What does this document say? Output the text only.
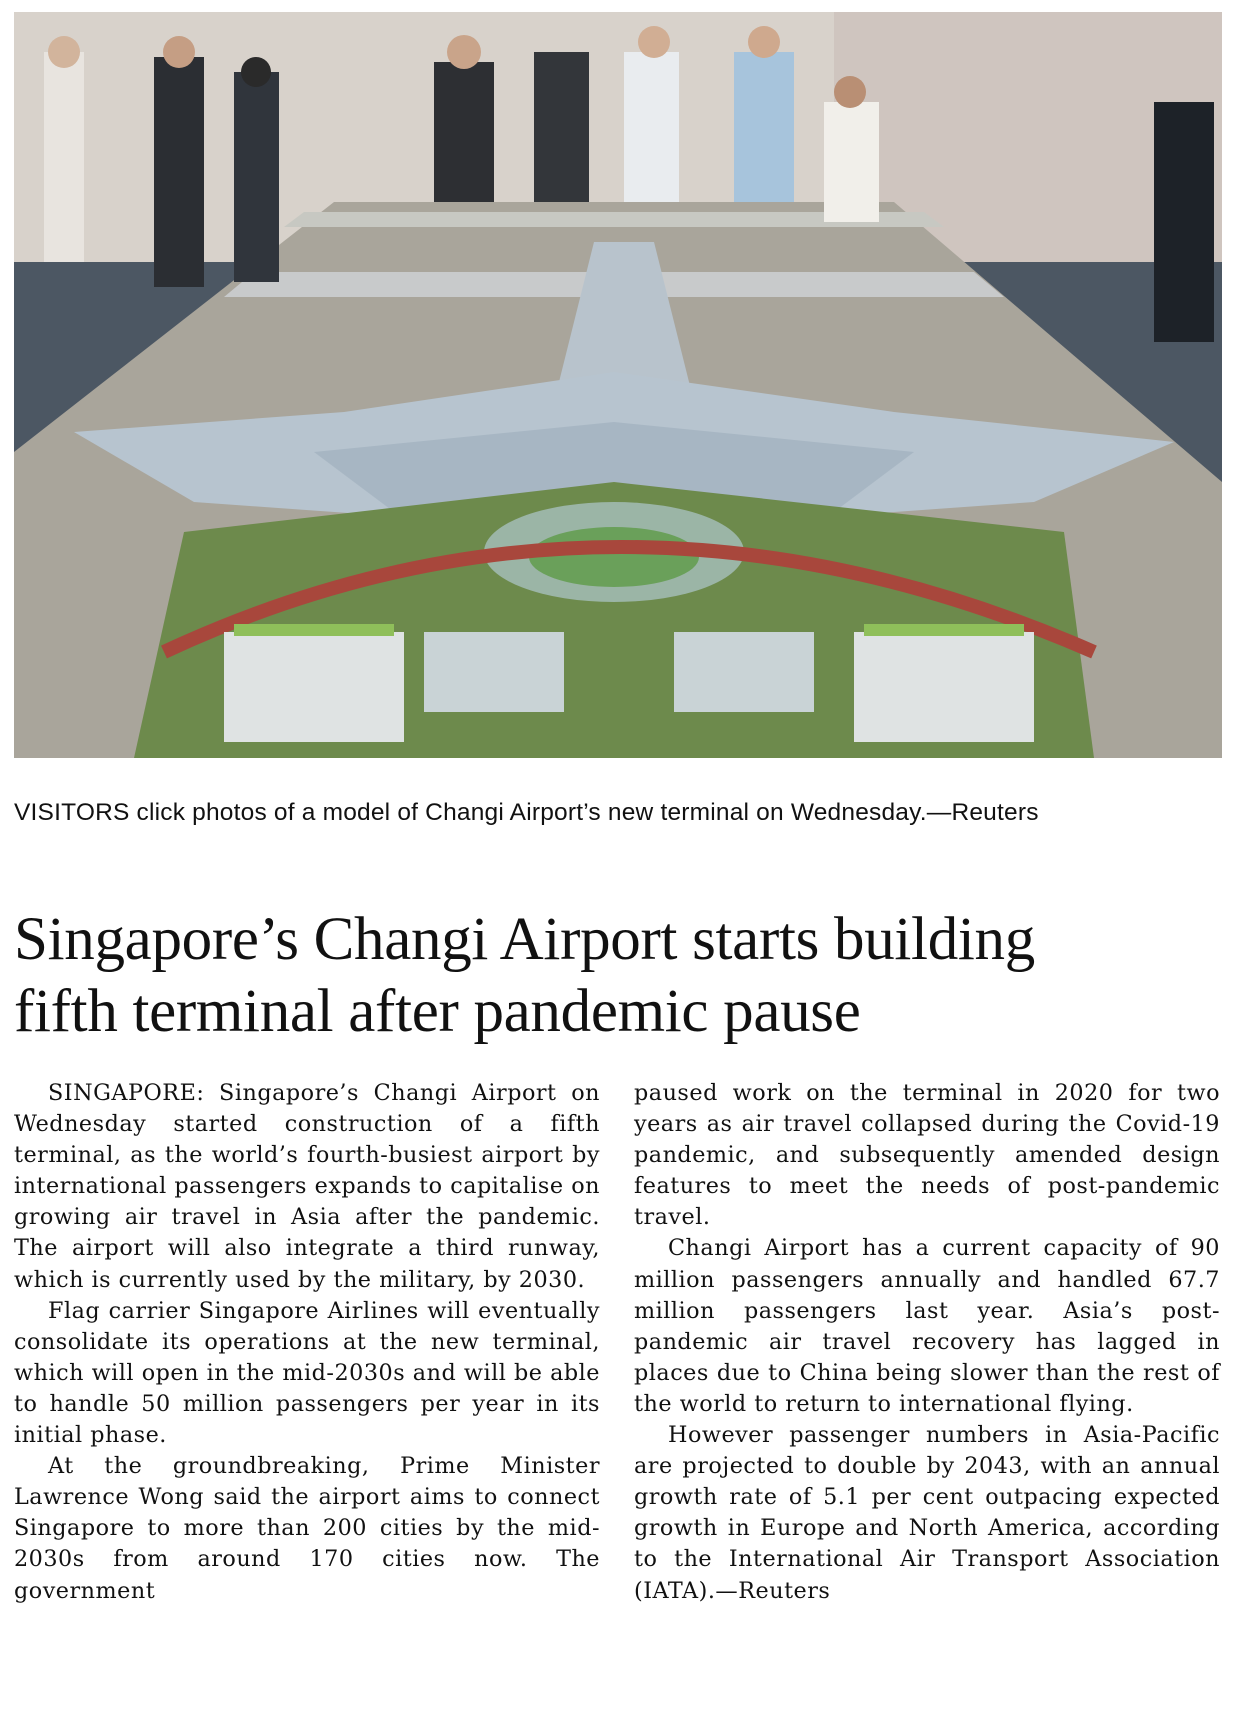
VISITORS click photos of a model of Changi Airport’s new terminal on Wednesday.—Reuters

Singapore’s Changi Airport starts building
fifth terminal after pandemic pause

SINGAPORE: Singapore’s Changi Airport on Wednesday started construction of a fifth terminal, as the world’s fourth-busiest airport by international passengers expands to capitalise on growing air travel in Asia after the pandemic. The airport will also integrate a third runway, which is currently used by the military, by 2030.

Flag carrier Singapore Airlines will eventually consolidate its operations at the new terminal, which will open in the mid-2030s and will be able to handle 50 million passengers per year in its initial phase.

At the groundbreaking, Prime Minister Lawrence Wong said the airport aims to connect Singapore to more than 200 cities by the mid-2030s from around 170 cities now. The government

paused work on the terminal in 2020 for two years as air travel collapsed during the Covid-19 pandemic, and subsequently amended design features to meet the needs of post-pandemic travel.

Changi Airport has a current capacity of 90 million passengers annually and handled 67.7 million passengers last year. Asia’s post-pandemic air travel recovery has lagged in places due to China being slower than the rest of the world to return to international flying.

However passenger numbers in Asia-Pacific are projected to double by 2043, with an annual growth rate of 5.1 per cent outpacing expected growth in Europe and North America, according to the International Air Transport Association (IATA).—Reuters
